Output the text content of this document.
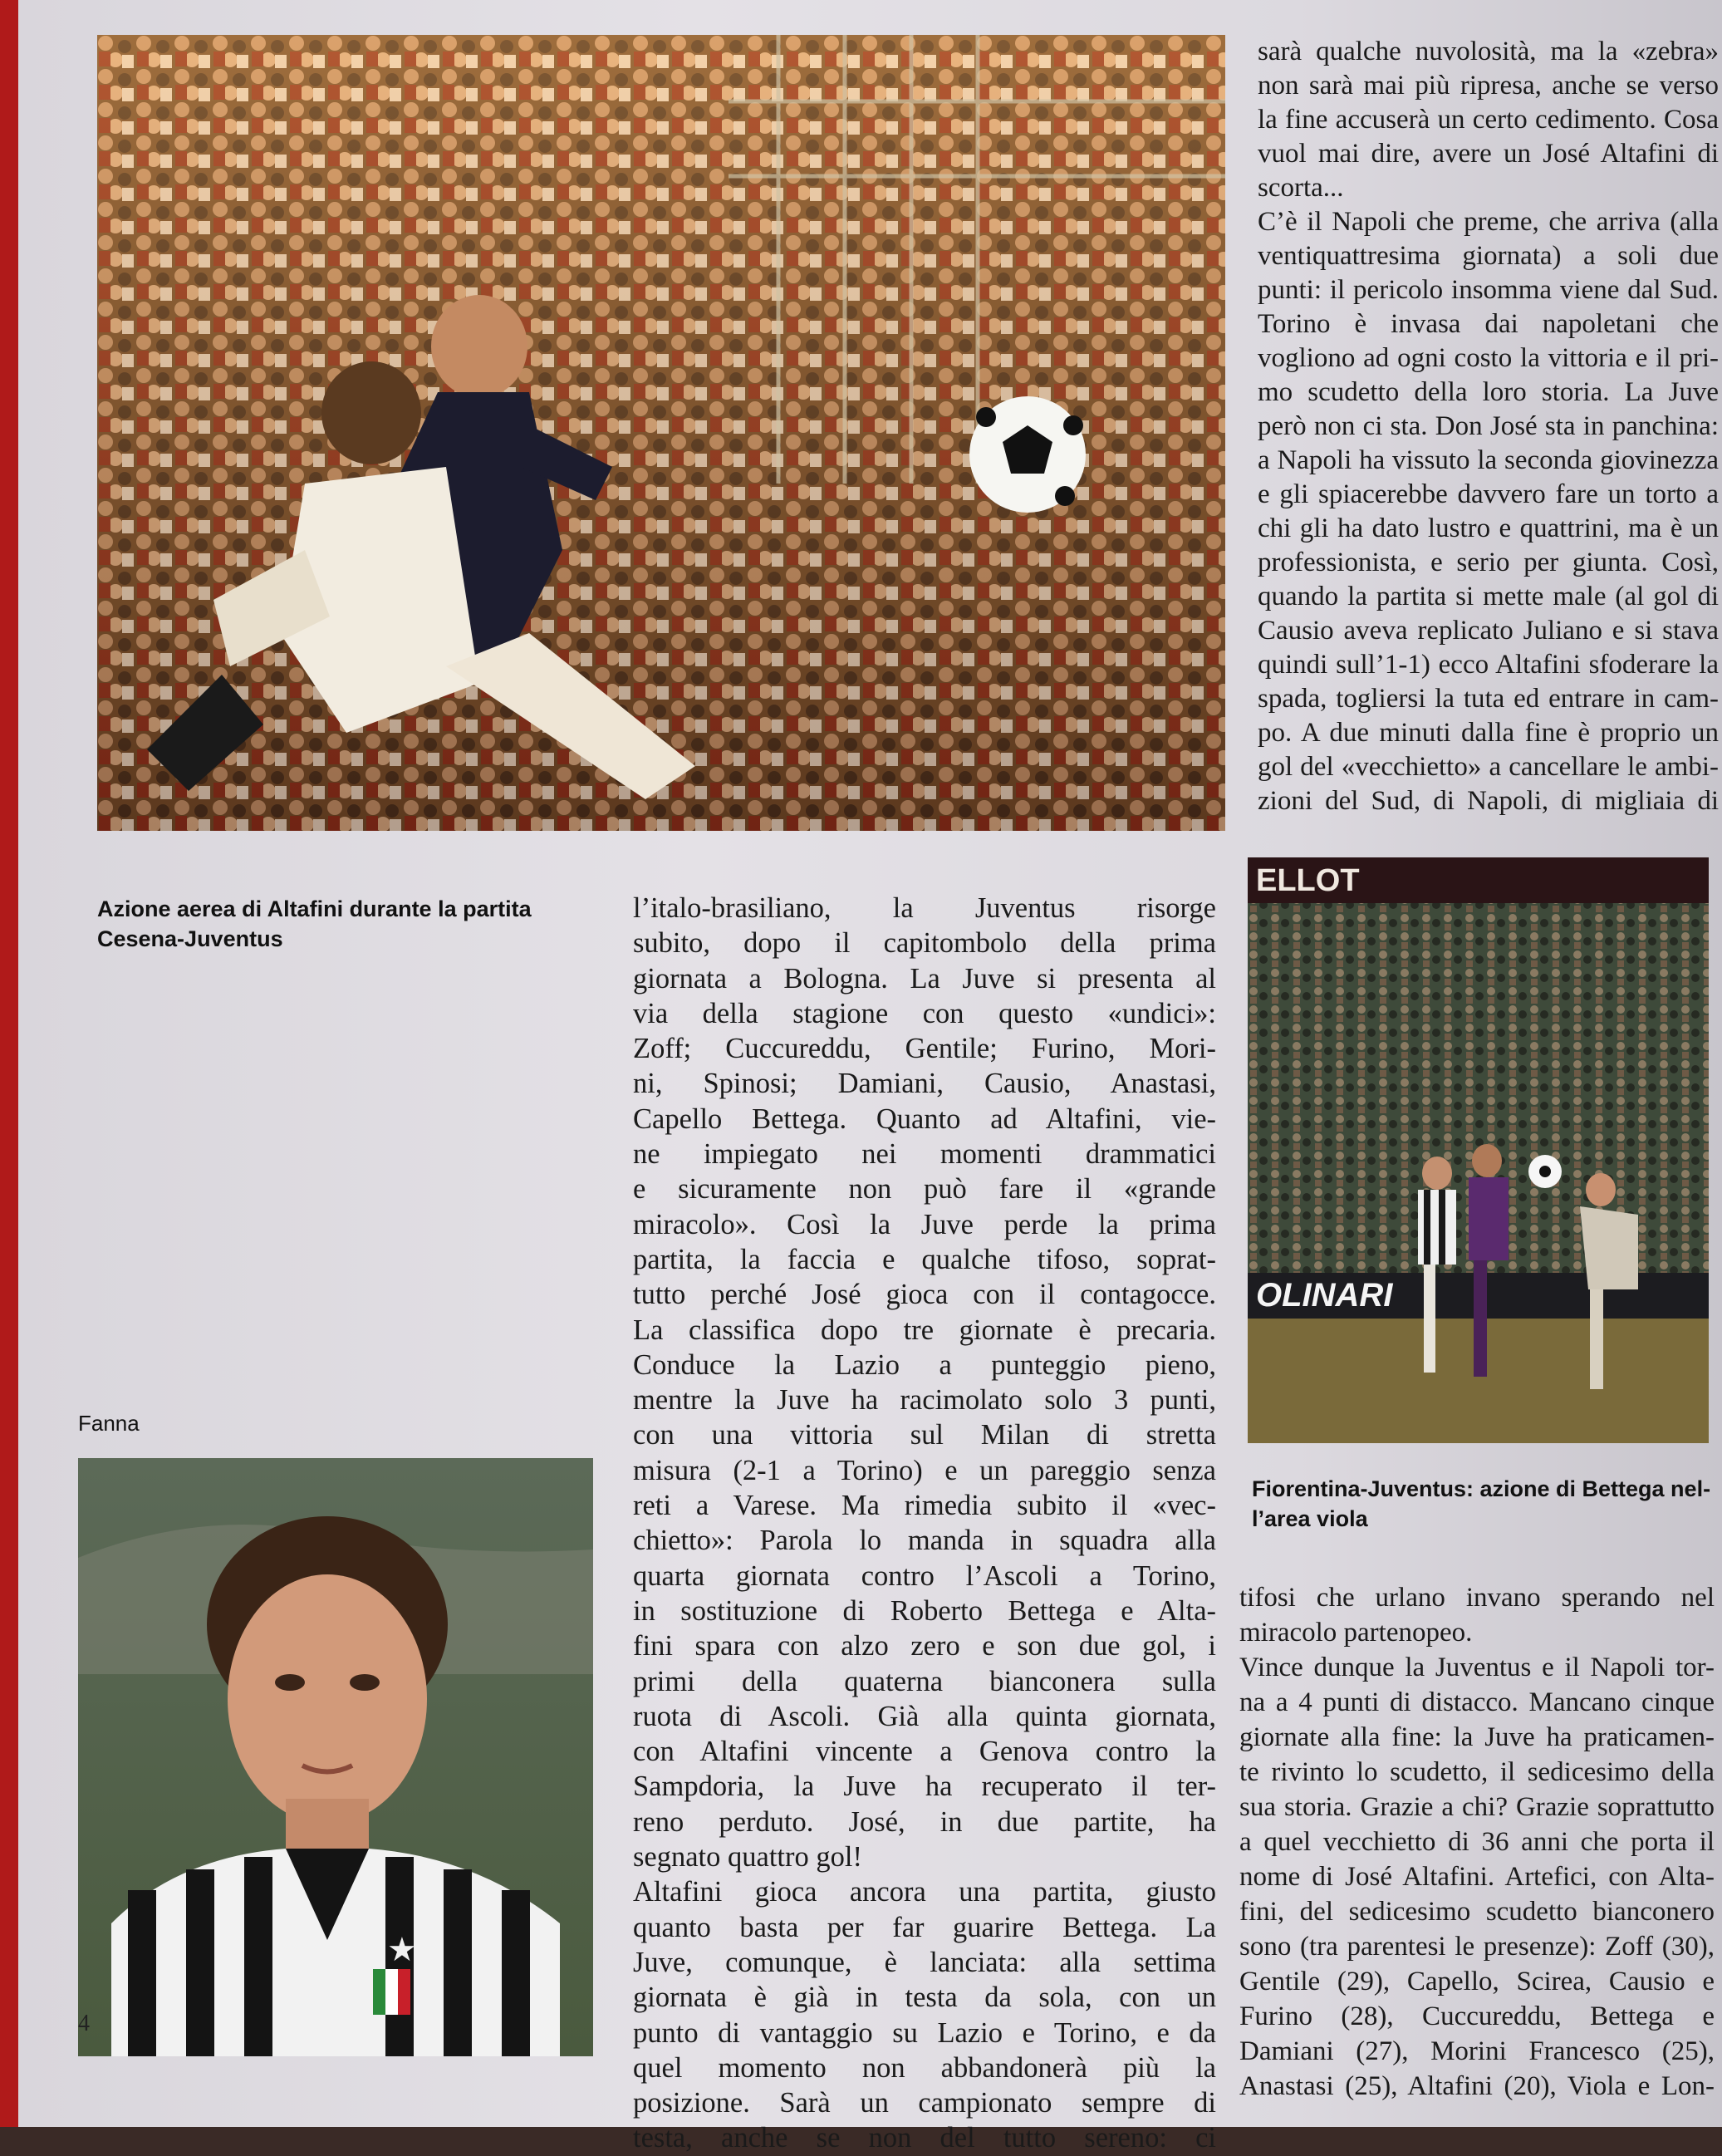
Azione aerea di Altafini durante la partita
Cesena-Juventus

sarà qualche nuvolosità, ma la «zebra»

non sarà mai più ripresa, anche se verso

la fine accuserà un certo cedimento. Cosa

vuol mai dire, avere un José Altafini di

scorta...

C’è il Napoli che preme, che arriva (alla

ventiquattresima giornata) a soli due

punti: il pericolo insomma viene dal Sud.

Torino è invasa dai napoletani che

vogliono ad ogni costo la vittoria e il pri-

mo scudetto della loro storia. La Juve

però non ci sta. Don José sta in panchina:

a Napoli ha vissuto la seconda giovinezza

e gli spiacerebbe davvero fare un torto a

chi gli ha dato lustro e quattrini, ma è un

professionista, e serio per giunta. Così,

quando la partita si mette male (al gol di

Causio aveva replicato Juliano e si stava

quindi sull’1-1) ecco Altafini sfoderare la

spada, togliersi la tuta ed entrare in cam-

po. A due minuti dalla fine è proprio un

gol del «vecchietto» a cancellare le ambi-

zioni del Sud, di Napoli, di migliaia di

l’italo-brasiliano, la Juventus risorge

subito, dopo il capitombolo della prima

giornata a Bologna. La Juve si presenta al

via della stagione con questo «undici»:

Zoff; Cuccureddu, Gentile; Furino, Mori-

ni, Spinosi; Damiani, Causio, Anastasi,

Capello Bettega. Quanto ad Altafini, vie-

ne impiegato nei momenti drammatici

e sicuramente non può fare il «grande

miracolo». Così la Juve perde la prima

partita, la faccia e qualche tifoso, soprat-

tutto perché José gioca con il contagocce.

La classifica dopo tre giornate è precaria.

Conduce la Lazio a punteggio pieno,

mentre la Juve ha racimolato solo 3 punti,

con una vittoria sul Milan di stretta

misura (2-1 a Torino) e un pareggio senza

reti a Varese. Ma rimedia subito il «vec-

chietto»: Parola lo manda in squadra alla

quarta giornata contro l’Ascoli a Torino,

in sostituzione di Roberto Bettega e Alta-

fini spara con alzo zero e son due gol, i

primi della quaterna bianconera sulla

ruota di Ascoli. Già alla quinta giornata,

con Altafini vincente a Genova contro la

Sampdoria, la Juve ha recuperato il ter-

reno perduto. José, in due partite, ha

segnato quattro gol!

Altafini gioca ancora una partita, giusto

quanto basta per far guarire Bettega. La

Juve, comunque, è lanciata: alla settima

giornata è già in testa da sola, con un

punto di vantaggio su Lazio e Torino, e da

quel momento non abbandonerà più la

posizione. Sarà un campionato sempre di

testa, anche se non del tutto sereno: ci

ELLOT
OLINARI
Fiorentina-Juventus: azione di Bettega nel-
l’area viola

tifosi che urlano invano sperando nel

miracolo partenopeo.

Vince dunque la Juventus e il Napoli tor-

na a 4 punti di distacco. Mancano cinque

giornate alla fine: la Juve ha praticamen-

te rivinto lo scudetto, il sedicesimo della

sua storia. Grazie a chi? Grazie soprattutto

a quel vecchietto di 36 anni che porta il

nome di José Altafini. Artefici, con Alta-

fini, del sedicesimo scudetto bianconero

sono (tra parentesi le presenze): Zoff (30),

Gentile (29), Capello, Scirea, Causio e

Furino (28), Cuccureddu, Bettega e

Damiani (27), Morini Francesco (25),

Anastasi (25), Altafini (20), Viola e Lon-

Fanna
★
4
